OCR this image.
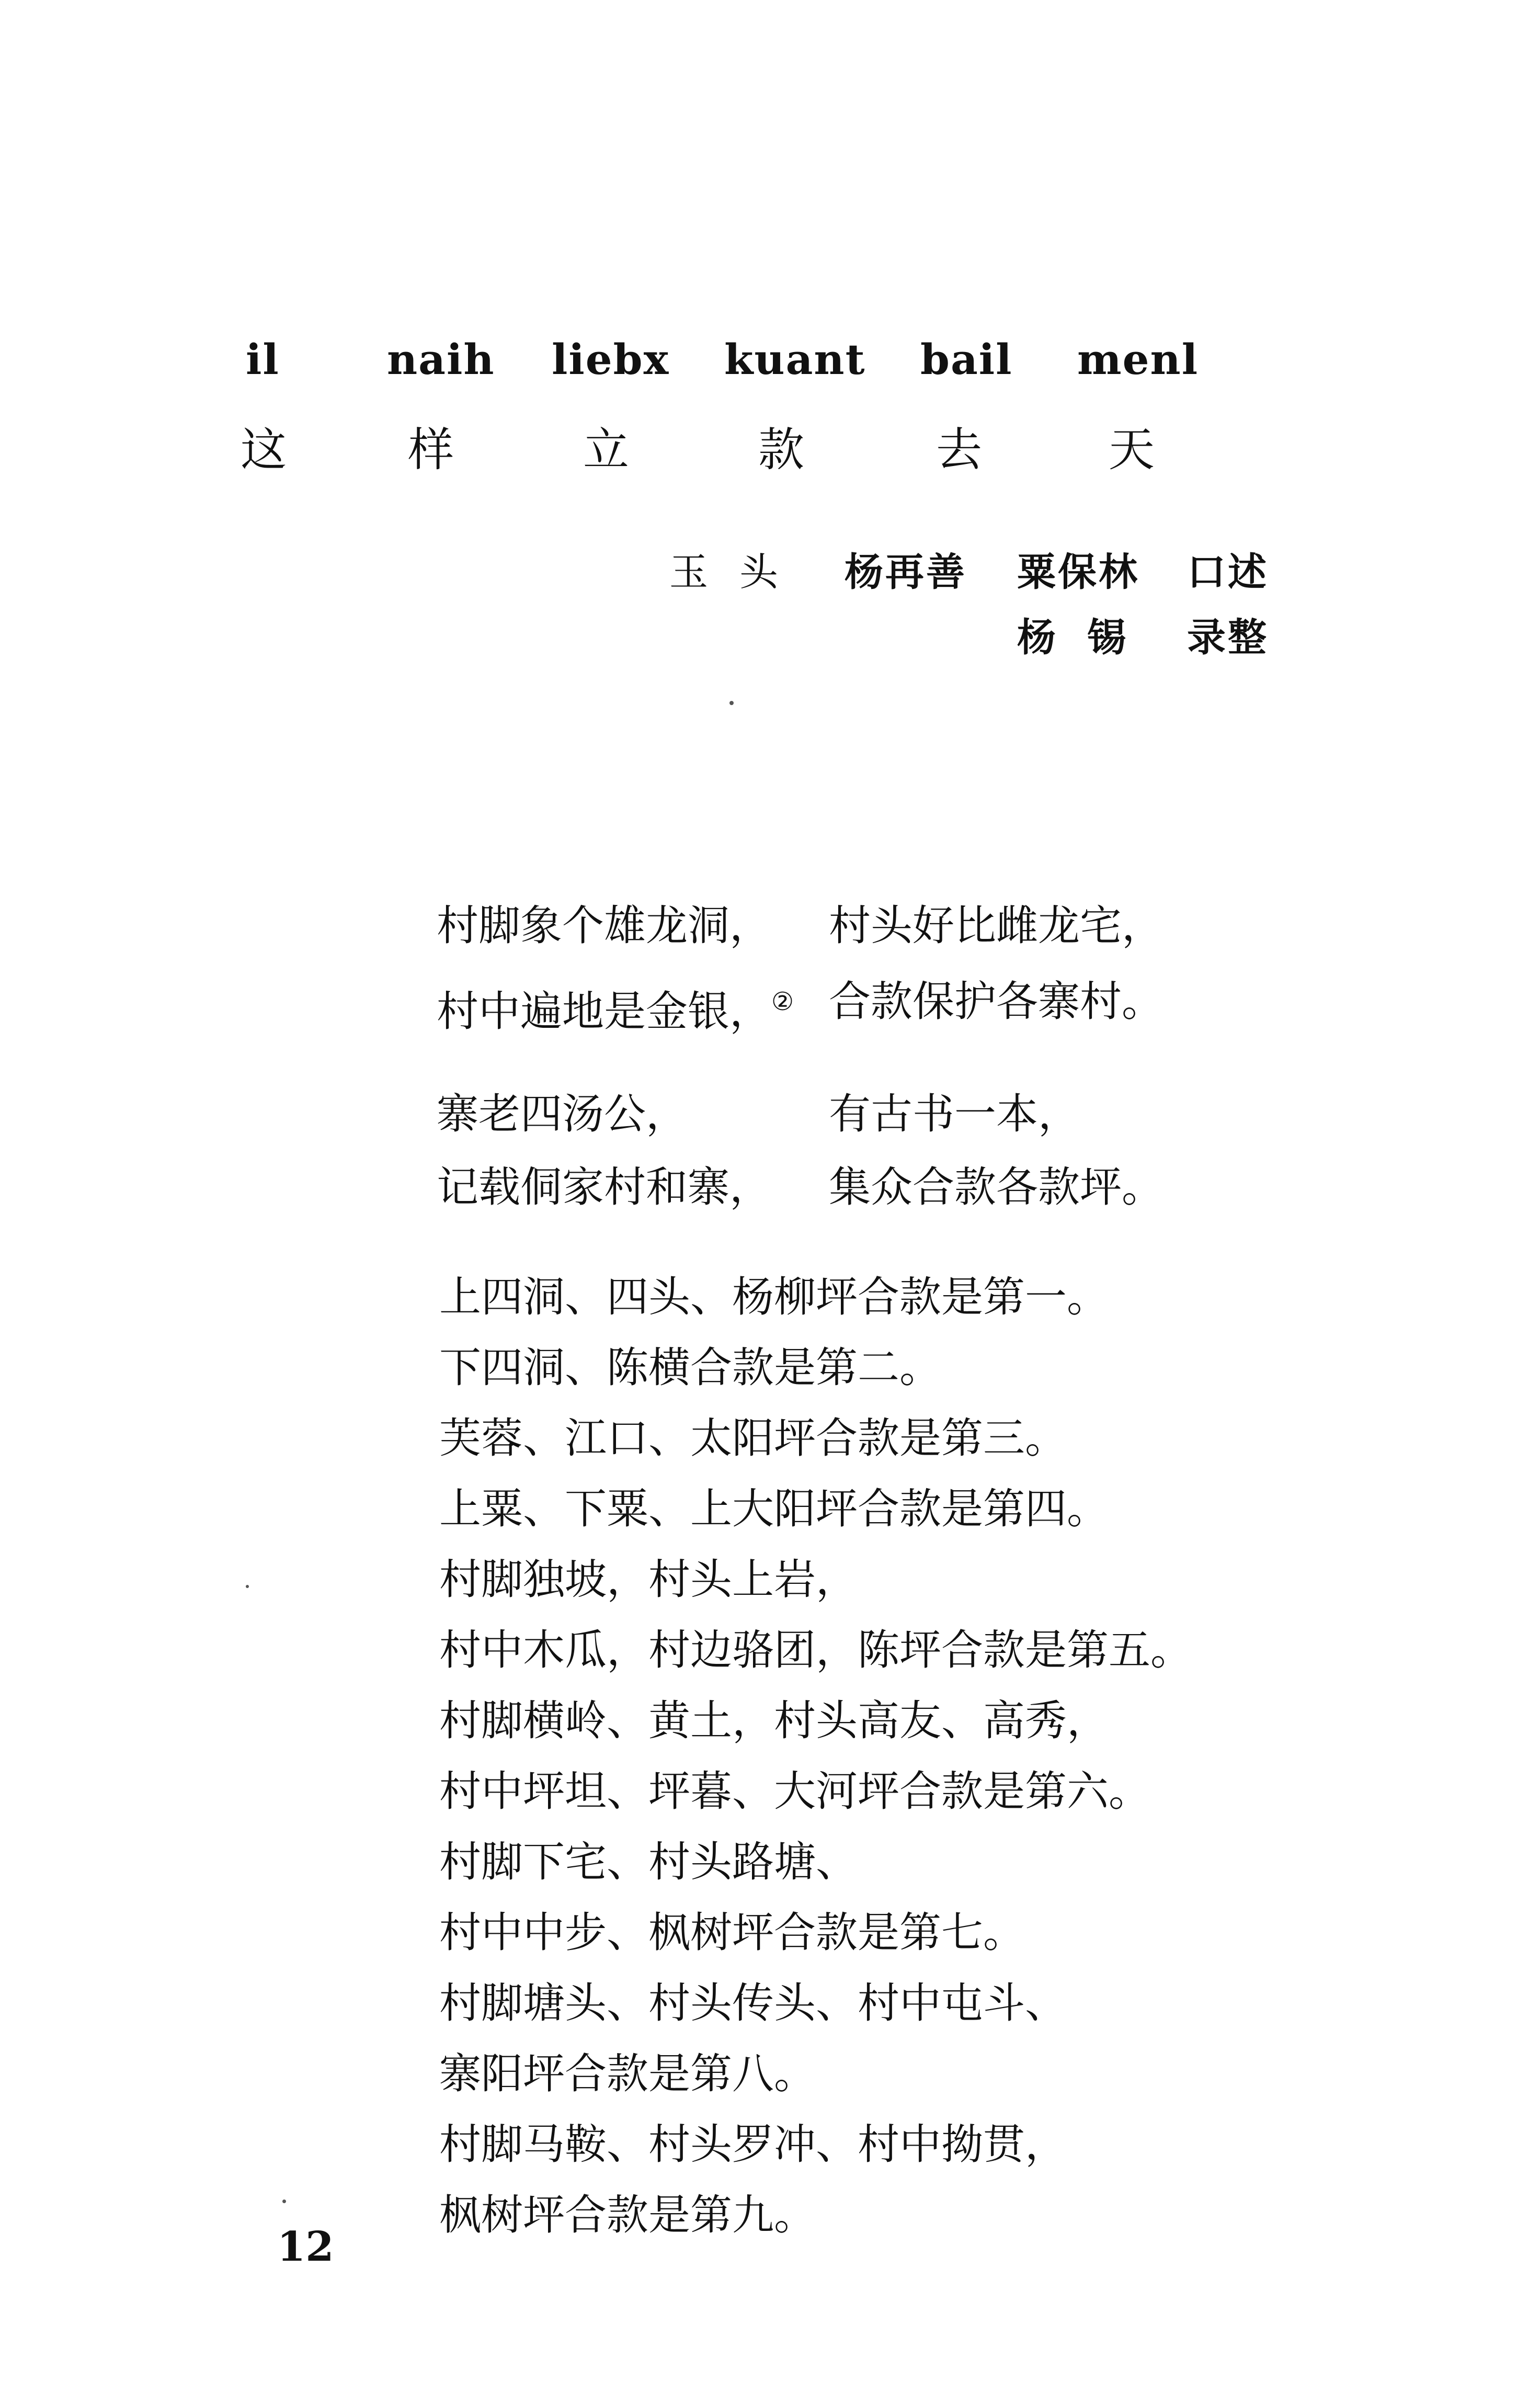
il	naih liebx kuant bail menl
这	样	立	款	去	天
玉头 杨再善 粟保林 口述
杨锡 录整
村脚象个雄龙洞， 村头好比雌龙宅，
村中遍地是金银，② 合款保护各寨村。
寨老四汤公，	有古书一本，
记载侗家村和寨， 集众合款各款坪。
上四洞、四头、杨柳坪合款是第一。
下四洞、陈横合款是第二。
芙蓉、江口、太阳坪合款是第三。
上粟、下粟、上大阳坪合款是第四。
村脚独坡，村头上岩，
村中木瓜，村边骆团，陈坪合款是第五。
村脚横岭、黄土，村头高友、高秀，
村中坪坦、坪暮、大河坪合款是第六。
村脚下宅、村头路塘、
村中中步、枫树坪合款是第七。
村脚塘头、村头传头、村中屯斗、
寨阳坪合款是第八。
村脚马鞍、村头罗冲、村中拗贯，
枫树坪合款是第九。
12
